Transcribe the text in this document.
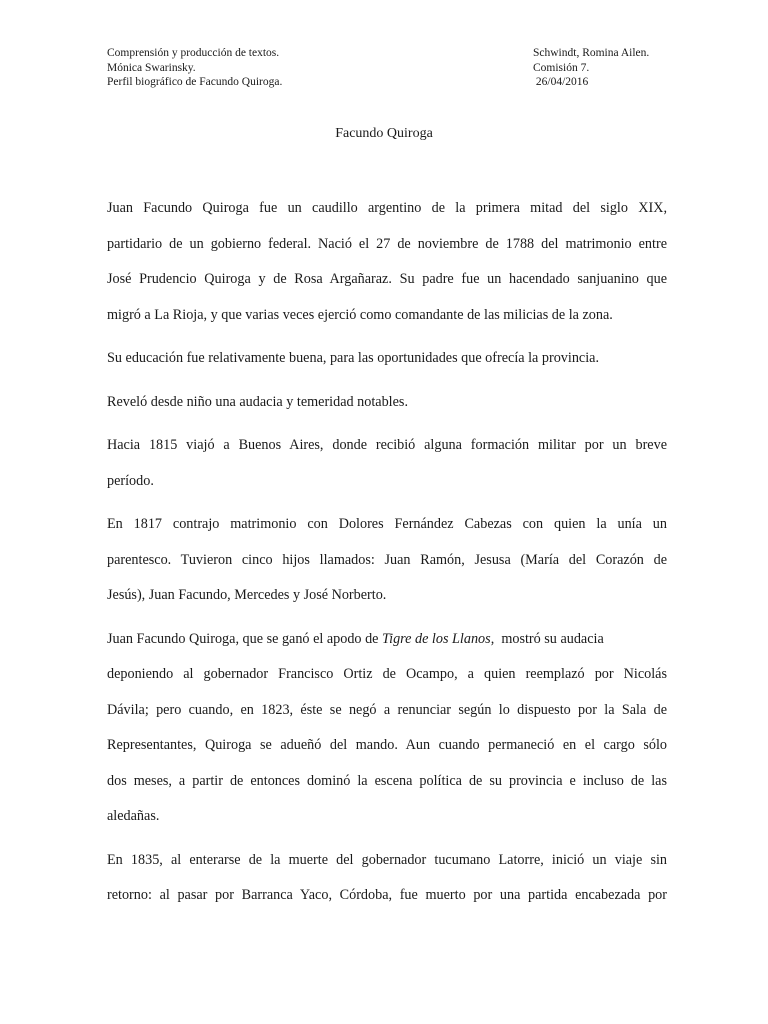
Comprensión y producción de textos.
Mónica Swarinsky.
Perfil biográfico de Facundo Quiroga.
Schwindt, Romina Ailen.
Comisión 7.
26/04/2016
Facundo Quiroga
Juan Facundo Quiroga fue un caudillo argentino de la primera mitad del siglo XIX,
partidario de un gobierno federal. Nació el 27 de noviembre de 1788 del matrimonio entre
José Prudencio Quiroga y de Rosa Argañaraz. Su padre fue un hacendado sanjuanino que
migró a La Rioja, y que varias veces ejerció como comandante de las milicias de la zona.
Su educación fue relativamente buena, para las oportunidades que ofrecía la provincia.
Reveló desde niño una audacia y temeridad notables.
Hacia 1815 viajó a Buenos Aires, donde recibió alguna formación militar por un breve
período.
En 1817 contrajo matrimonio con Dolores Fernández Cabezas con quien la unía un
parentesco. Tuvieron cinco hijos llamados: Juan Ramón, Jesusa (María del Corazón de
Jesús), Juan Facundo, Mercedes y José Norberto.
Juan Facundo Quiroga, que se ganó el apodo de Tigre de los Llanos,  mostró su audacia
deponiendo al gobernador Francisco Ortiz de Ocampo, a quien reemplazó por Nicolás
Dávila; pero cuando, en 1823, éste se negó a renunciar según lo dispuesto por la Sala de
Representantes, Quiroga se adueñó del mando. Aun cuando permaneció en el cargo sólo
dos meses, a partir de entonces dominó la escena política de su provincia e incluso de las
aledañas.
En 1835, al enterarse de la muerte del gobernador tucumano Latorre, inició un viaje sin
retorno: al pasar por Barranca Yaco, Córdoba, fue muerto por una partida encabezada por
